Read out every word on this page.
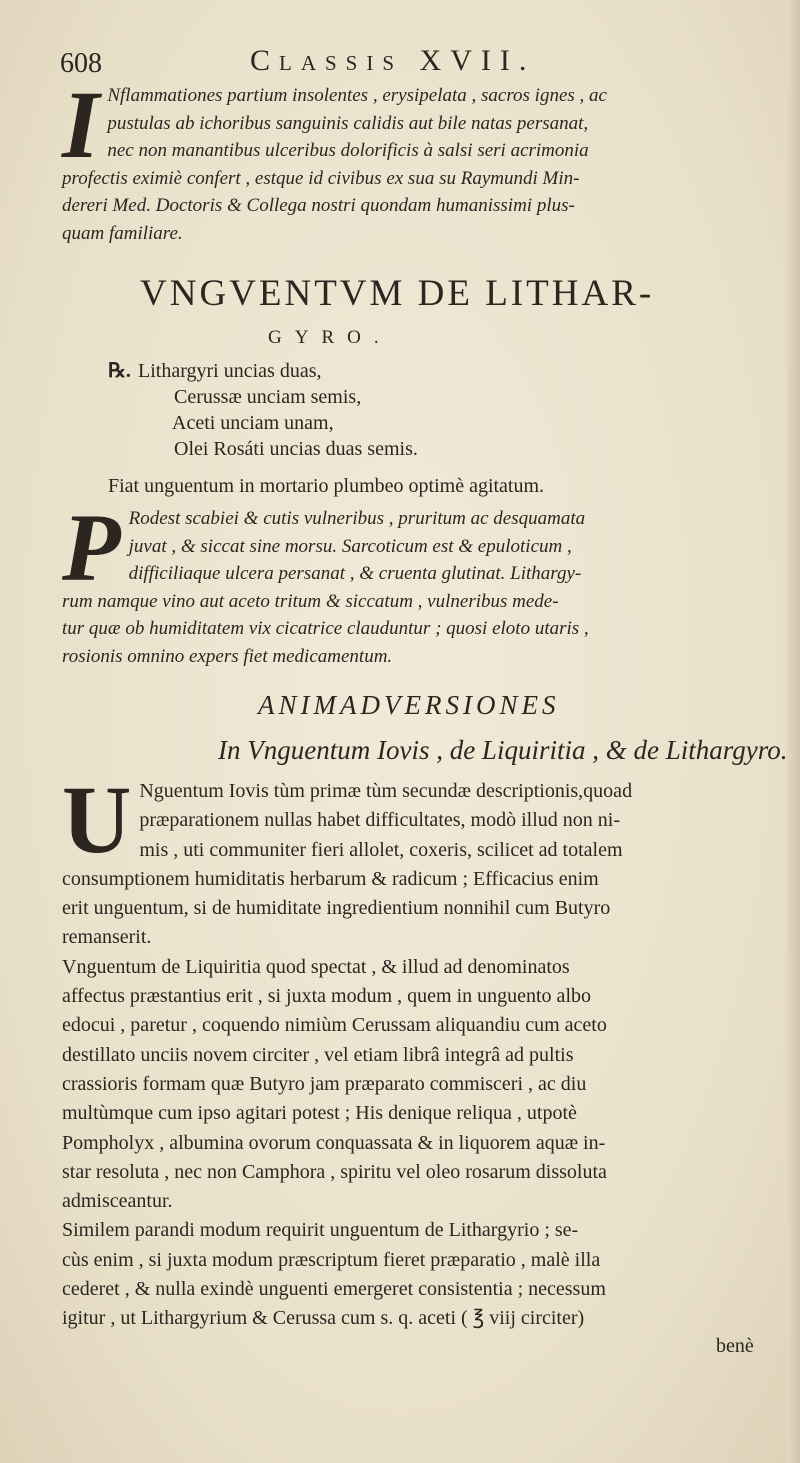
608	Classis XVII.
I Nflammationes partium insolentes , erysipelata , sacros ignes , ac
pustulas ab ichoribus sanguinis calidis aut bile natas persanat,
nec non manantibus ulceribus dolorificis à salsi seri acrimonia
profectis eximiè confert , estque id civibus ex sua su Raymundi Min-
dereri Med. Doctoris & Collega nostri quondam humanissimi plus-
quam familiare.
VNGVENTVM DE LITHAR-
GYRO.
℞. Lithargyri uncias duas,
Cerussæ unciam semis,
Aceti unciam unam,
Olei Rosáti uncias duas semis.
Fiat unguentum in mortario plumbeo optimè agitatum.
P Rodest scabiei & cutis vulneribus , pruritum ac desquamata
juvat , & siccat sine morsu. Sarcoticum est & epuloticum ,
difficiliaque ulcera persanat , & cruenta glutinat. Lithargy-
rum namque vino aut aceto tritum & siccatum , vulneribus mede-
tur quæ ob humiditatem vix cicatrice clauduntur ; quosi eloto utaris ,
rosionis omnino expers fiet medicamentum.
ANIMADVERSIONES
In Vnguentum Iovis , de Liquiritia , & de Lithargyro.
U Nguentum Iovis tùm primæ tùm secundæ descriptionis,quoad
præparationem nullas habet difficultates, modò illud non ni-
mis , uti communiter fieri allolet, coxeris, scilicet ad totalem
consumptionem humiditatis herbarum & radicum ; Efficacius enim
erit unguentum, si de humiditate ingredientium nonnihil cum Butyro
remanserit.
Vnguentum de Liquiritia quod spectat , & illud ad denominatos
affectus præstantius erit , si juxta modum , quem in unguento albo
edocui , paretur , coquendo nimiùm Cerussam aliquandiu cum aceto
destillato unciis novem circiter , vel etiam librâ integrâ ad pultis
crassioris formam quæ Butyro jam præparato commisceri , ac diu
multùmque cum ipso agitari potest ; His denique reliqua , utpotè
Pompholyx , albumina ovorum conquassata & in liquorem aquæ in-
star resoluta , nec non Camphora , spiritu vel oleo rosarum dissoluta
admisceantur.
Similem parandi modum requirit unguentum de Lithargyrio ; se-
cùs enim , si juxta modum præscriptum fieret præparatio , malè illa
cederet , & nulla exindè unguenti emergeret consistentia ; necessum
igitur , ut Lithargyrium & Cerussa cum s. q. aceti ( ℥ viij circiter)
benè
